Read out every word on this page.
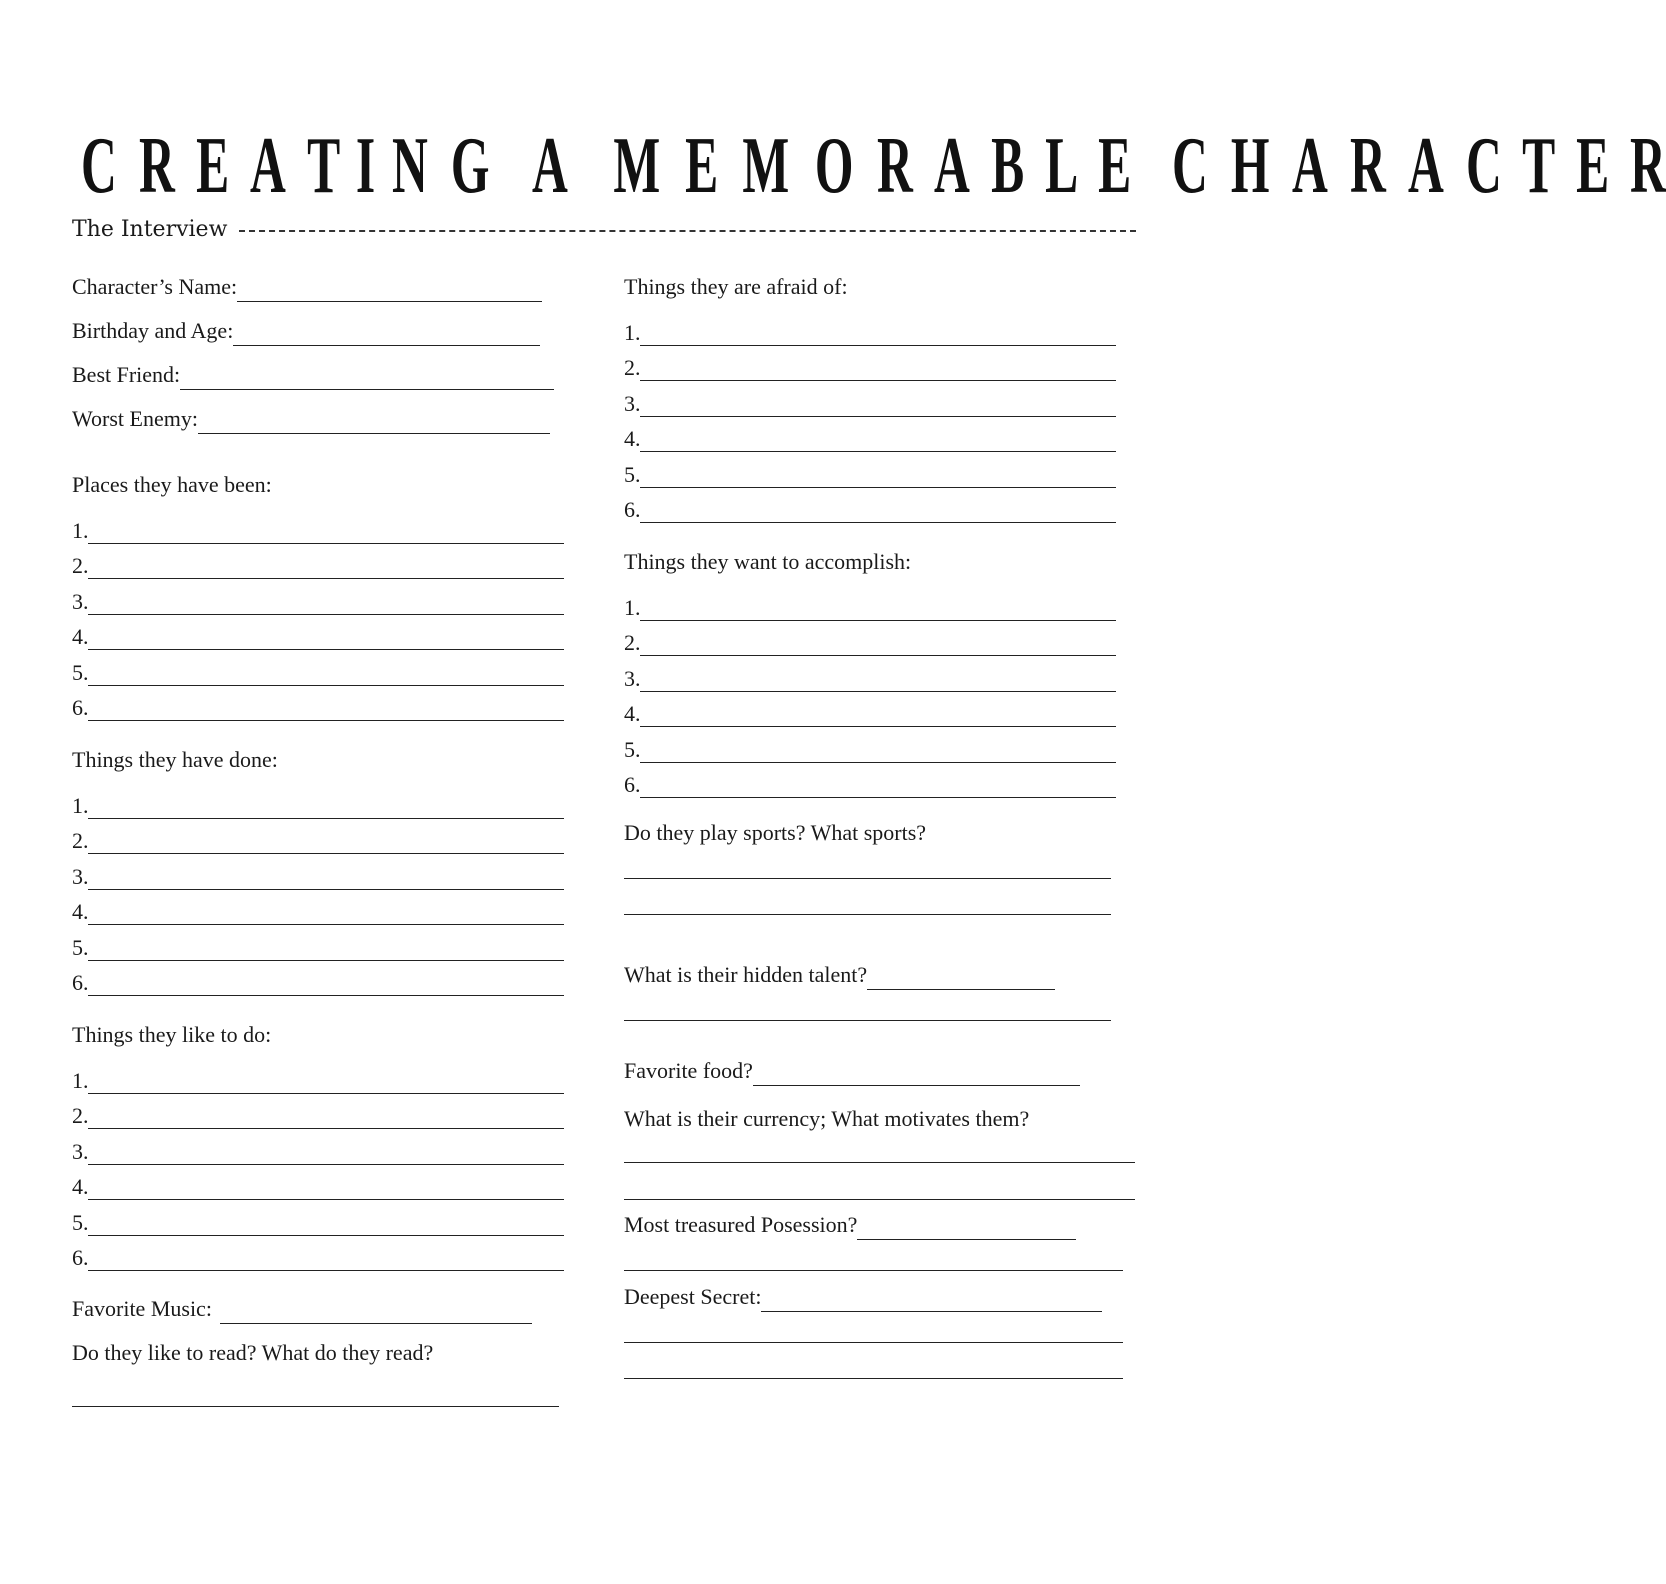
C R E A T I N G
A
M E M O R A B L E
C H A R A C T E R
The Interview
Character’s Name:
Birthday and Age:
Best Friend:
Worst Enemy:
Places they have been:
1.
2.
3.
4.
5.
6.
Things they have done:
1.
2.
3.
4.
5.
6.
Things they like to do:
1.
2.
3.
4.
5.
6.
Favorite Music:
Do they like to read? What do they read?
Things they are afraid of:
1.
2.
3.
4.
5.
6.
Things they want to accomplish:
1.
2.
3.
4.
5.
6.
Do they play sports? What sports?
What is their hidden talent?
Favorite food?
What is their currency; What motivates them?
Most treasured Posession?
Deepest Secret:
